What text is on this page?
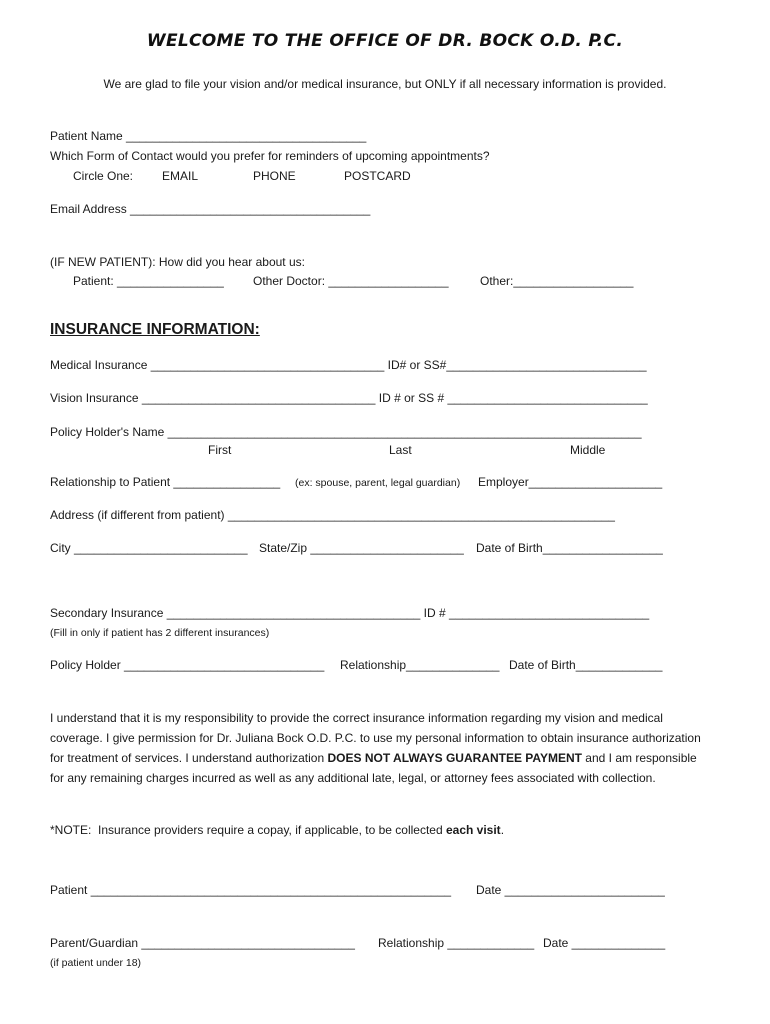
WELCOME TO THE OFFICE OF DR. BOCK O.D. P.C.
We are glad to file your vision and/or medical insurance, but ONLY if all necessary information is provided.
Patient Name ____________________________________
Which Form of Contact would you prefer for reminders of upcoming appointments?
Circle One: EMAIL	PHONE	POSTCARD
Email Address ____________________________________
(IF NEW PATIENT): How did you hear about us:
Patient: ________________ Other Doctor: __________________	Other:__________________
INSURANCE INFORMATION:
Medical Insurance ___________________________________ ID# or SS#______________________________
Vision Insurance ___________________________________ ID # or SS # ______________________________
Policy Holder's Name _______________________________________________________________________
First	Last	Middle
Relationship to Patient ________________ (ex: spouse, parent, legal guardian) Employer____________________
Address (if different from patient) __________________________________________________________
City __________________________ State/Zip _______________________ Date of Birth__________________
Secondary Insurance ______________________________________ ID # ______________________________
(Fill in only if patient has 2 different insurances)
Policy Holder ______________________________ Relationship______________ Date of Birth_____________
I understand that it is my responsibility to provide the correct insurance information regarding my vision and medical coverage. I give permission for Dr. Juliana Bock O.D. P.C. to use my personal information to obtain insurance authorization for treatment of services. I understand authorization DOES NOT ALWAYS GUARANTEE PAYMENT and I am responsible for any remaining charges incurred as well as any additional late, legal, or attorney fees associated with collection.
*NOTE:  Insurance providers require a copay, if applicable, to be collected each visit.
Patient ______________________________________________________ Date ________________________
Parent/Guardian ________________________________ Relationship _____________ Date ______________
(if patient under 18)
